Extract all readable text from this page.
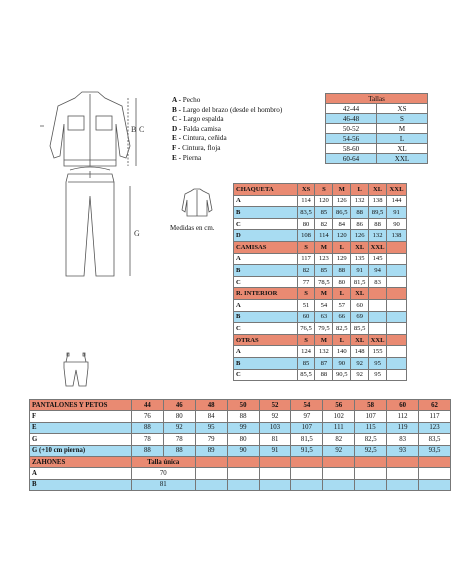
B C
G
A - Pecho
B - Largo del brazo (desde el hombro)
C - Largo espalda
D - Falda camisa
E - Cintura, ceñida
F - Cintura, floja
E - Pierna
Medidas en cm.
Tallas	
42-44	XS
46-48	S
50-52	M
54-56	L
58-60	XL
60-64	XXL
CHAQUETA	XS	S	M	L	XL	XXL
A	114	120	126	132	138	144
B	83,5	85	86,5	88	89,5	91
C	80	82	84	86	88	90
D	108	114	120	126	132	138
CAMISAS	S	M	L	XL	XXL	
A	117	123	129	135	145	
B	82	85	88	91	94	
C	77	78,5	80	81,5	83	
R. INTERIOR	S	M	L	XL		
A	51	54	57	60		
B	60	63	66	69		
C	76,5	79,5	82,5	85,5		
OTRAS	S	M	L	XL	XXL	
A	124	132	140	148	155	
B	85	87	90	92	95	
C	85,5	88	90,5	92	95	
PANTALONES Y PETOS	44	46	48	50	52	54	56	58	60	62
F	76	80	84	88	92	97	102	107	112	117
E	88	92	95	99	103	107	111	115	119	123
G	78	78	79	80	81	81,5	82	82,5	83	83,5
G (+10 cm pierna)	88	88	89	90	91	91,5	92	92,5	93	93,5
ZAHONES	Talla única									
A	70									
B	81									
